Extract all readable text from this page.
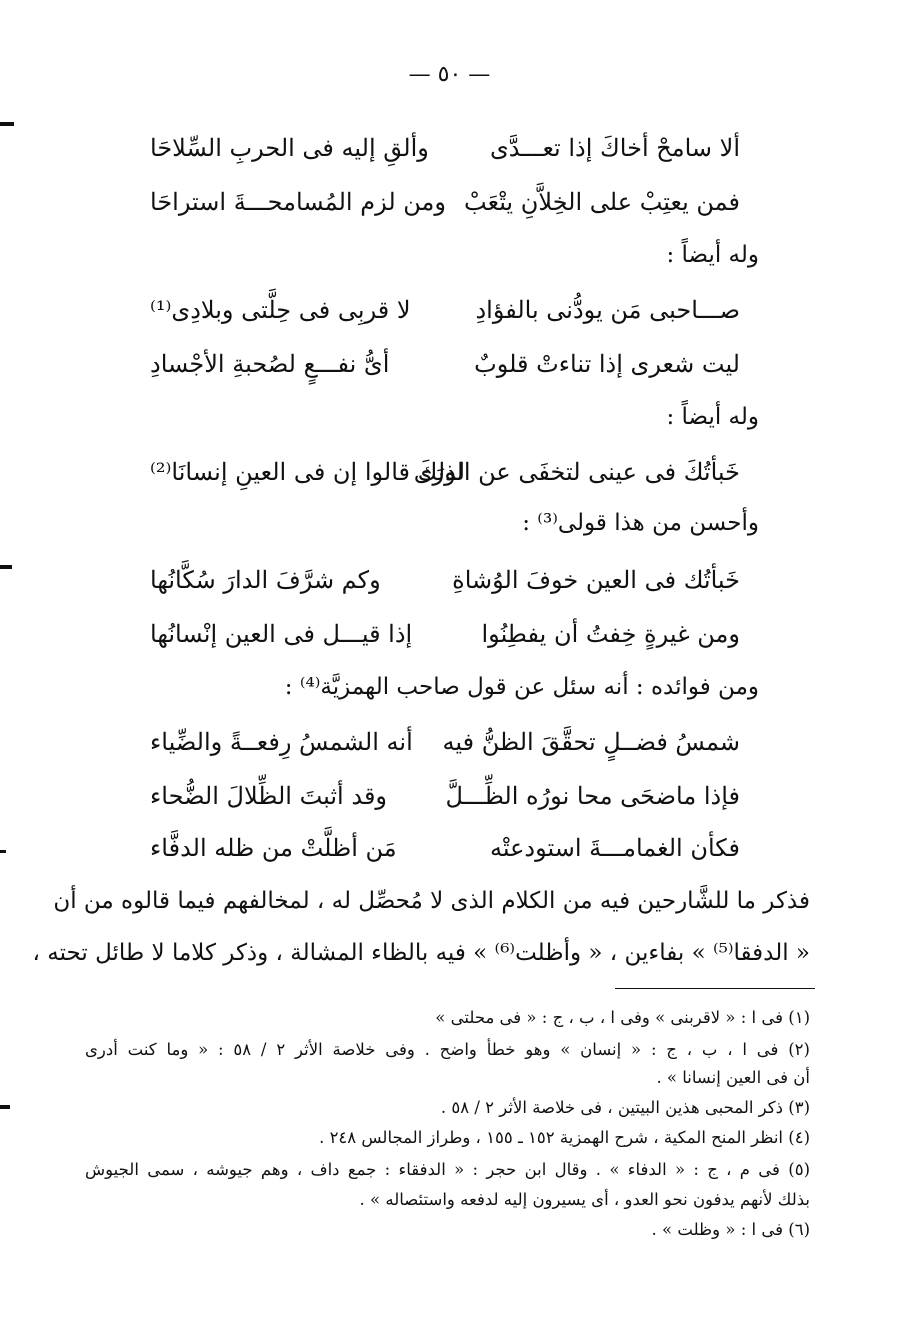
— ٥٠ —
ألا سامحْ أخاكَ إذا تعـــدَّى
وألقِ إليه فى الحربِ السِّلاحَا
فمن يعتِبْ على الخِلاَّنِ يتْعَبْ
ومن لزم المُسامحـــةَ استراحَا
وله أيضاً :
صـــاحبى مَن يودُّنى بالفؤادِ
لا قربِى فى حِلَّتى وبلادِى⁽¹⁾
ليت شعرى إذا تناءتْ قلوبٌ
أىُّ نفـــعٍ لصُحبةِ الأجْسادِ
وله أيضاً :
خَبأتُكَ فى عينى لتخفَى عن الورَى
لذلكَ قالوا إن فى العينِ إنسانَا⁽²⁾
وأحسن من هذا قولى⁽³⁾ :
خَبأتُك فى العين خوفَ الوُشاةِ
وكم شرَّفَ الدارَ سُكَّانُها
ومن غيرةٍ خِفتُ أن يفطِنُوا
إذا قيـــل فى العين إنْسانُها
ومن فوائده : أنه سئل عن قول صاحب الهمزيَّة⁽⁴⁾ :
شمسُ فضــلٍ تحقَّقَ الظنُّ فيه
أنه الشمسُ رِفعــةً والضِّياء
فإذا ماضحَى محا نورُه الظِّـــلَّ
وقد أثبتَ الظِّلالَ الضُّحاء
فكأن الغمامـــةَ استودعتْه
مَن أظلَّتْ من ظله الدفَّاء
فذكر ما للشَّارحين فيه من الكلام الذى لا مُحصِّل له ، لمخالفهم فيما قالوه من أن
« الدفقا⁽⁵⁾ » بفاءين ، « وأظلت⁽⁶⁾ » فيه بالظاء المشالة ، وذكر كلاما لا طائل تحته ،
(١) فى ا : « لاقربنى » وفى ا ، ب ، ج : « فى محلتى »
(٢) فى ا ، ب ، ج : « إنسان » وهو خطأ واضح . وفى خلاصة الأثر ٢ / ٥٨ : « وما كنت أدرى
أن فى العين إنسانا » .
(٣) ذكر المحبى هذين البيتين ، فى خلاصة الأثر ٢ / ٥٨ .
(٤) انظر المنح المكية ، شرح الهمزية ١٥٢ ـ ١٥٥ ، وطراز المجالس ٢٤٨ .
(٥) فى م ، ج : « الدفاء » . وقال ابن حجر : « الدفقاء : جمع داف ، وهم جيوشه ، سمى الجيوش
بذلك لأنهم يدفون نحو العدو ، أى يسيرون إليه لدفعه واستئصاله » .
(٦) فى ا : « وظلت » .
